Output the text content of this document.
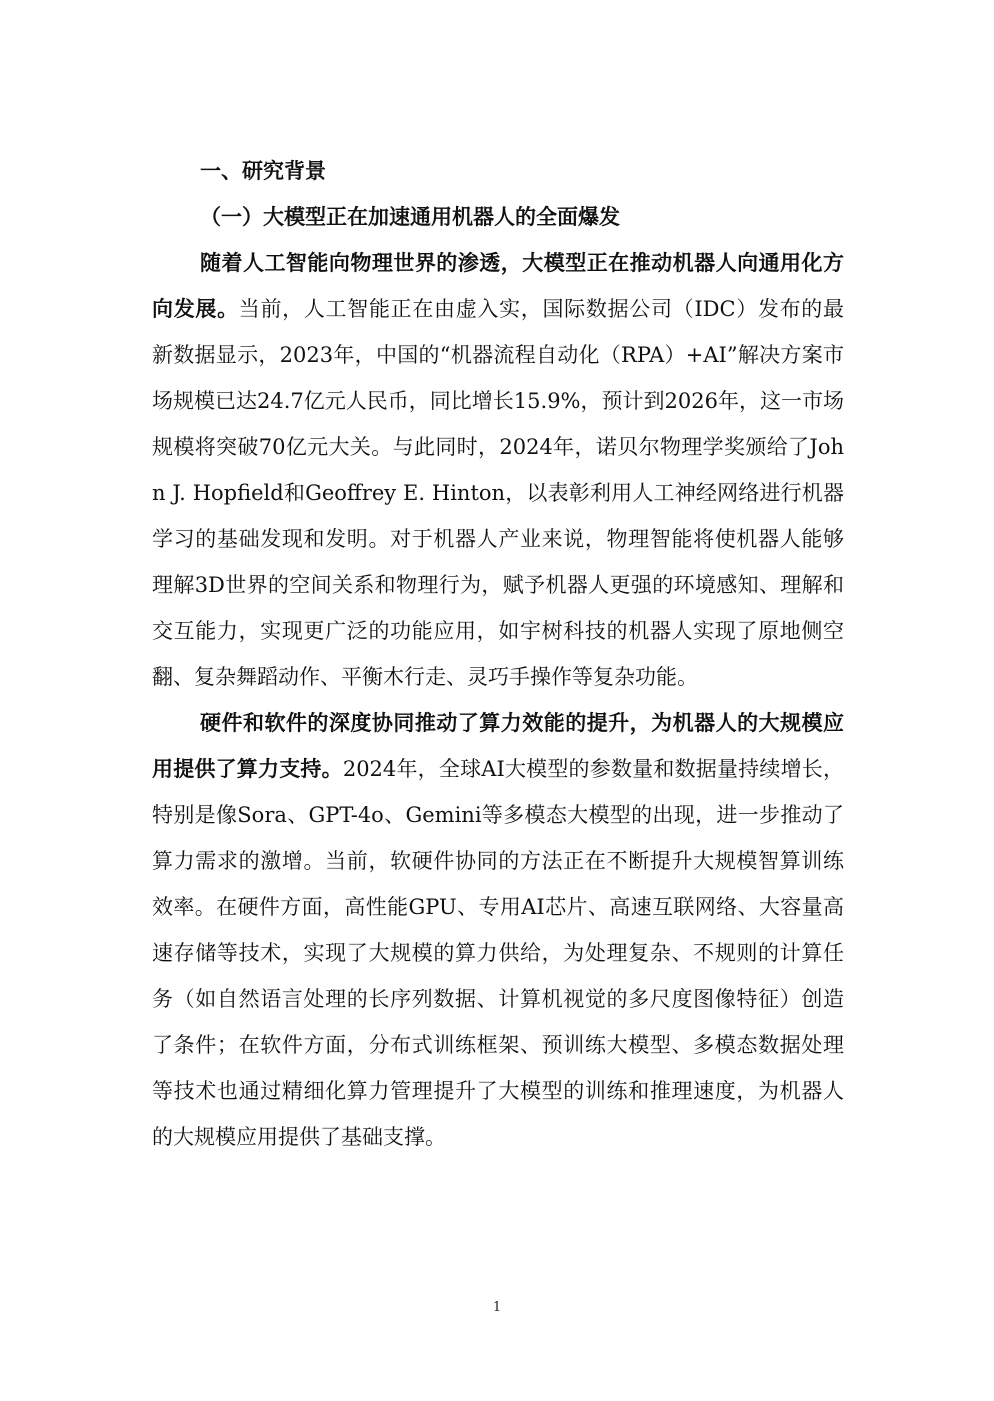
一、研究背景

（一）大模型正在加速通用机器人的全面爆发

随着人工智能向物理世界的渗透，大模型正在推动机器人向通用化方向发展。当前，人工智能正在由虚入实，国际数据公司（IDC）发布的最新数据显示，2023年，中国的“机器流程自动化（RPA）+AI”解决方案市场规模已达24.7亿元人民币，同比增长15.9%，预计到2026年，这一市场规模将突破70亿元大关。与此同时，2024年，诺贝尔物理学奖颁给了John J. Hopfield和Geoffrey E. Hinton，以表彰利用人工神经网络进行机器学习的基础发现和发明。对于机器人产业来说，物理智能将使机器人能够理解3D世界的空间关系和物理行为，赋予机器人更强的环境感知、理解和交互能力，实现更广泛的功能应用，如宇树科技的机器人实现了原地侧空翻、复杂舞蹈动作、平衡木行走、灵巧手操作等复杂功能。

硬件和软件的深度协同推动了算力效能的提升，为机器人的大规模应用提供了算力支持。2024年，全球AI大模型的参数量和数据量持续增长，特别是像Sora、GPT-4o、Gemini等多模态大模型的出现，进一步推动了算力需求的激增。当前，软硬件协同的方法正在不断提升大规模智算训练效率。在硬件方面，高性能GPU、专用AI芯片、高速互联网络、大容量高速存储等技术，实现了大规模的算力供给，为处理复杂、不规则的计算任务（如自然语言处理的长序列数据、计算机视觉的多尺度图像特征）创造了条件；在软件方面，分布式训练框架、预训练大模型、多模态数据处理等技术也通过精细化算力管理提升了大模型的训练和推理速度，为机器人的大规模应用提供了基础支撑。

1
